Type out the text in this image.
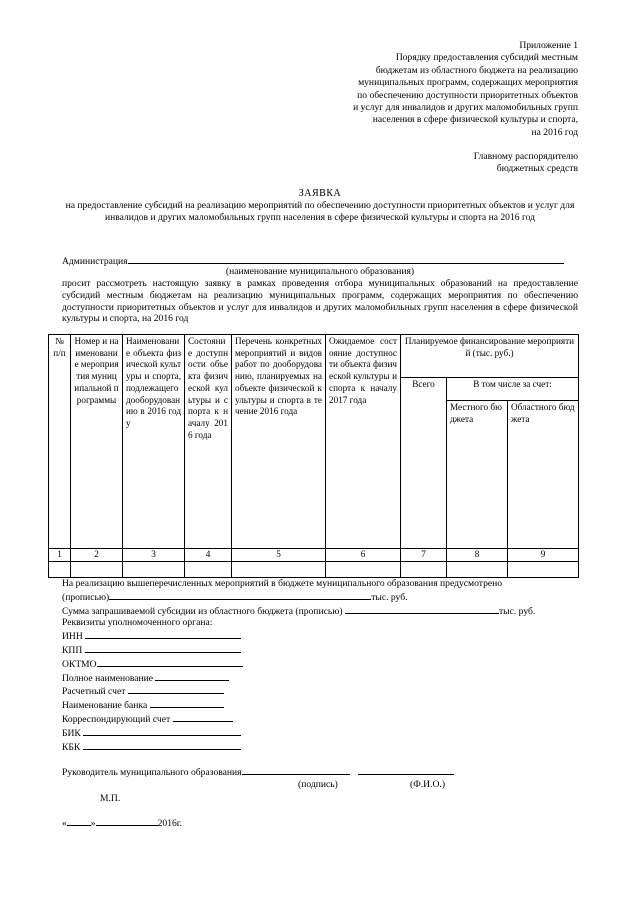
Приложение 1
Порядку предоставления субсидий местным
бюджетам из областного бюджета на реализацию
муниципальных программ, содержащих мероприятия
по обеспечению доступности приоритетных объектов
и услуг для инвалидов и других маломобильных групп
населения в сфере физической культуры и спорта,
на 2016 год
Главному распорядителю
бюджетных средств
ЗАЯВКА
на предоставление субсидий на реализацию мероприятий по обеспечению доступности приоритетных объектов и услуг для инвалидов и других маломобильных групп населения в сфере физической культуры и спорта на 2016 год
Администрация
(наименование муниципального образования)
просит рассмотреть настоящую заявку в рамках проведения отбора муниципальных образований на предоставление субсидий местным бюджетам на реализацию муниципальных программ, содержащих мероприятия по обеспечению доступности приоритетных объектов и услуг для инвалидов и других маломобильных групп населения в сфере физической культуры и спорта, на 2016 год
№ п/п	Номер и наименование мероприятия муниципальной программы	Наименование объекта физической культуры и спорта, подлежащего дооборудованию в 2016 году	Состояние доступности объекта физической культуры и спорта к началу 2016 года	Перечень конкретных мероприятий и видов работ по дооборудованию, планируемых на объекте физической культуры и спорта в течение 2016 года	Ожидаемое состояние доступности объекта физической культуры и спорта к началу 2017 года	Планируемое финансирование мероприятий (тыс. руб.)		
						Всего	В том числе за счет:	
							Местного бюджета	Областного бюджета
1	2	3	4	5	6	7	8	9

На реализацию вышеперечисленных мероприятий в бюджете муниципального образования предусмотрено
(прописью)	тыс. руб.
Сумма запрашиваемой субсидии из областного бюджета (прописью)	тыс. руб.
Реквизиты уполномоченного органа:
ИНН
КПП
ОКТМО
Полное наименование
Расчетный счет
Наименование банка
Корреспондирующий счет
БИК
КБК
Руководитель муниципального образования
(подпись)	(Ф.И.О.)
М.П.
«	»	2016г.
